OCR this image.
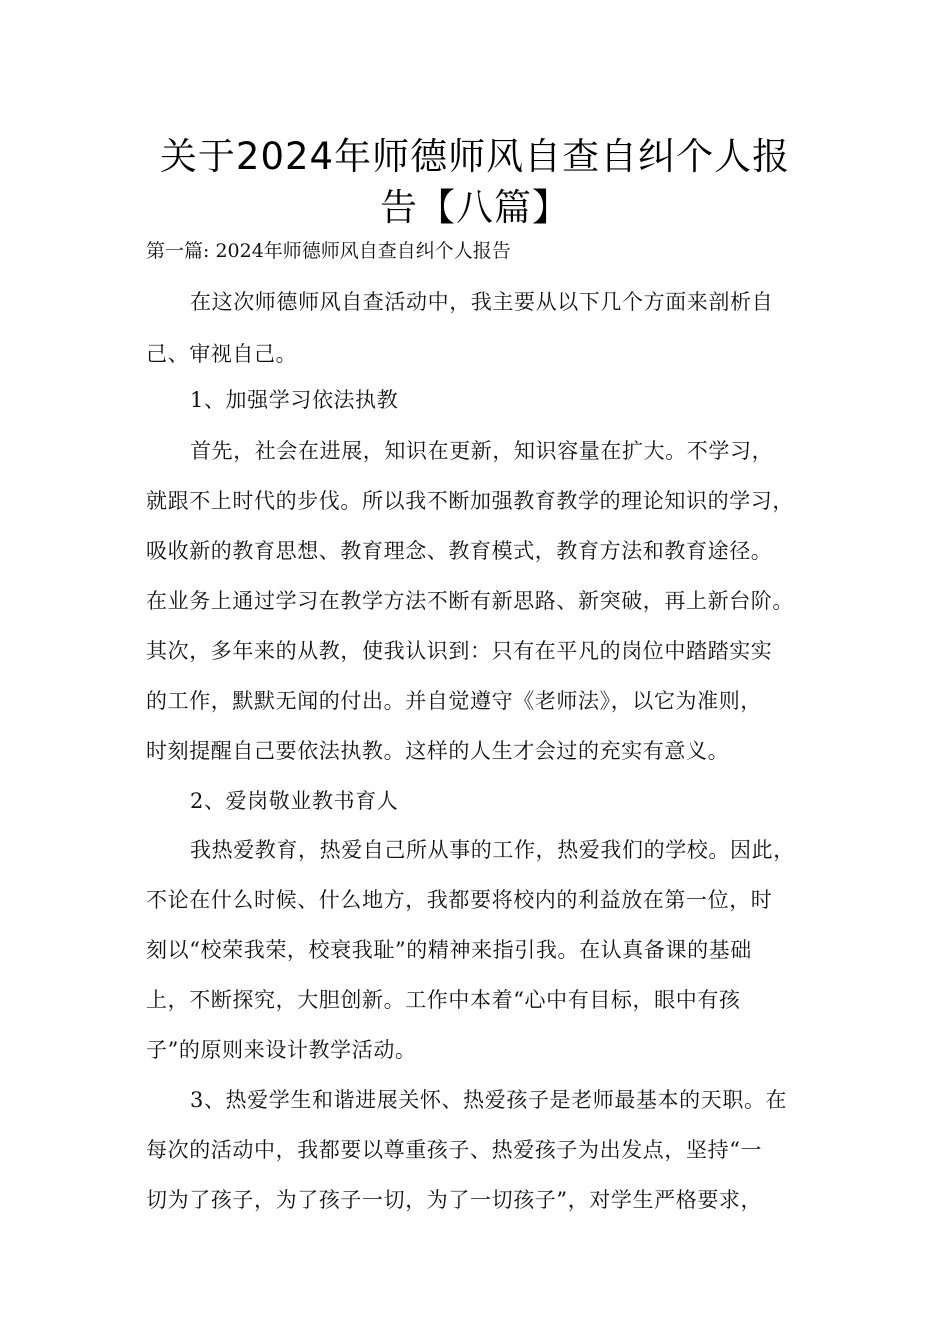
关于2024年师德师风自查自纠个人报
告【八篇】
第一篇: 2024年师德师风自查自纠个人报告
在这次师德师风自查活动中，我主要从以下几个方面来剖析自
己、审视自己。
1、加强学习依法执教
首先，社会在进展，知识在更新，知识容量在扩大。不学习，
就跟不上时代的步伐。所以我不断加强教育教学的理论知识的学习，
吸收新的教育思想、教育理念、教育模式，教育方法和教育途径。
在业务上通过学习在教学方法不断有新思路、新突破，再上新台阶。
其次，多年来的从教，使我认识到：只有在平凡的岗位中踏踏实实
的工作，默默无闻的付出。并自觉遵守《老师法》，以它为准则，
时刻提醒自己要依法执教。这样的人生才会过的充实有意义。
2、爱岗敬业教书育人
我热爱教育，热爱自己所从事的工作，热爱我们的学校。因此，
不论在什么时候、什么地方，我都要将校内的利益放在第一位，时
刻以“校荣我荣，校衰我耻”的精神来指引我。在认真备课的基础
上，不断探究，大胆创新。工作中本着“心中有目标，眼中有孩
子”的原则来设计教学活动。
3、热爱学生和谐进展关怀、热爱孩子是老师最基本的天职。在
每次的活动中，我都要以尊重孩子、热爱孩子为出发点，坚持“一
切为了孩子，为了孩子一切，为了一切孩子”，对学生严格要求，
